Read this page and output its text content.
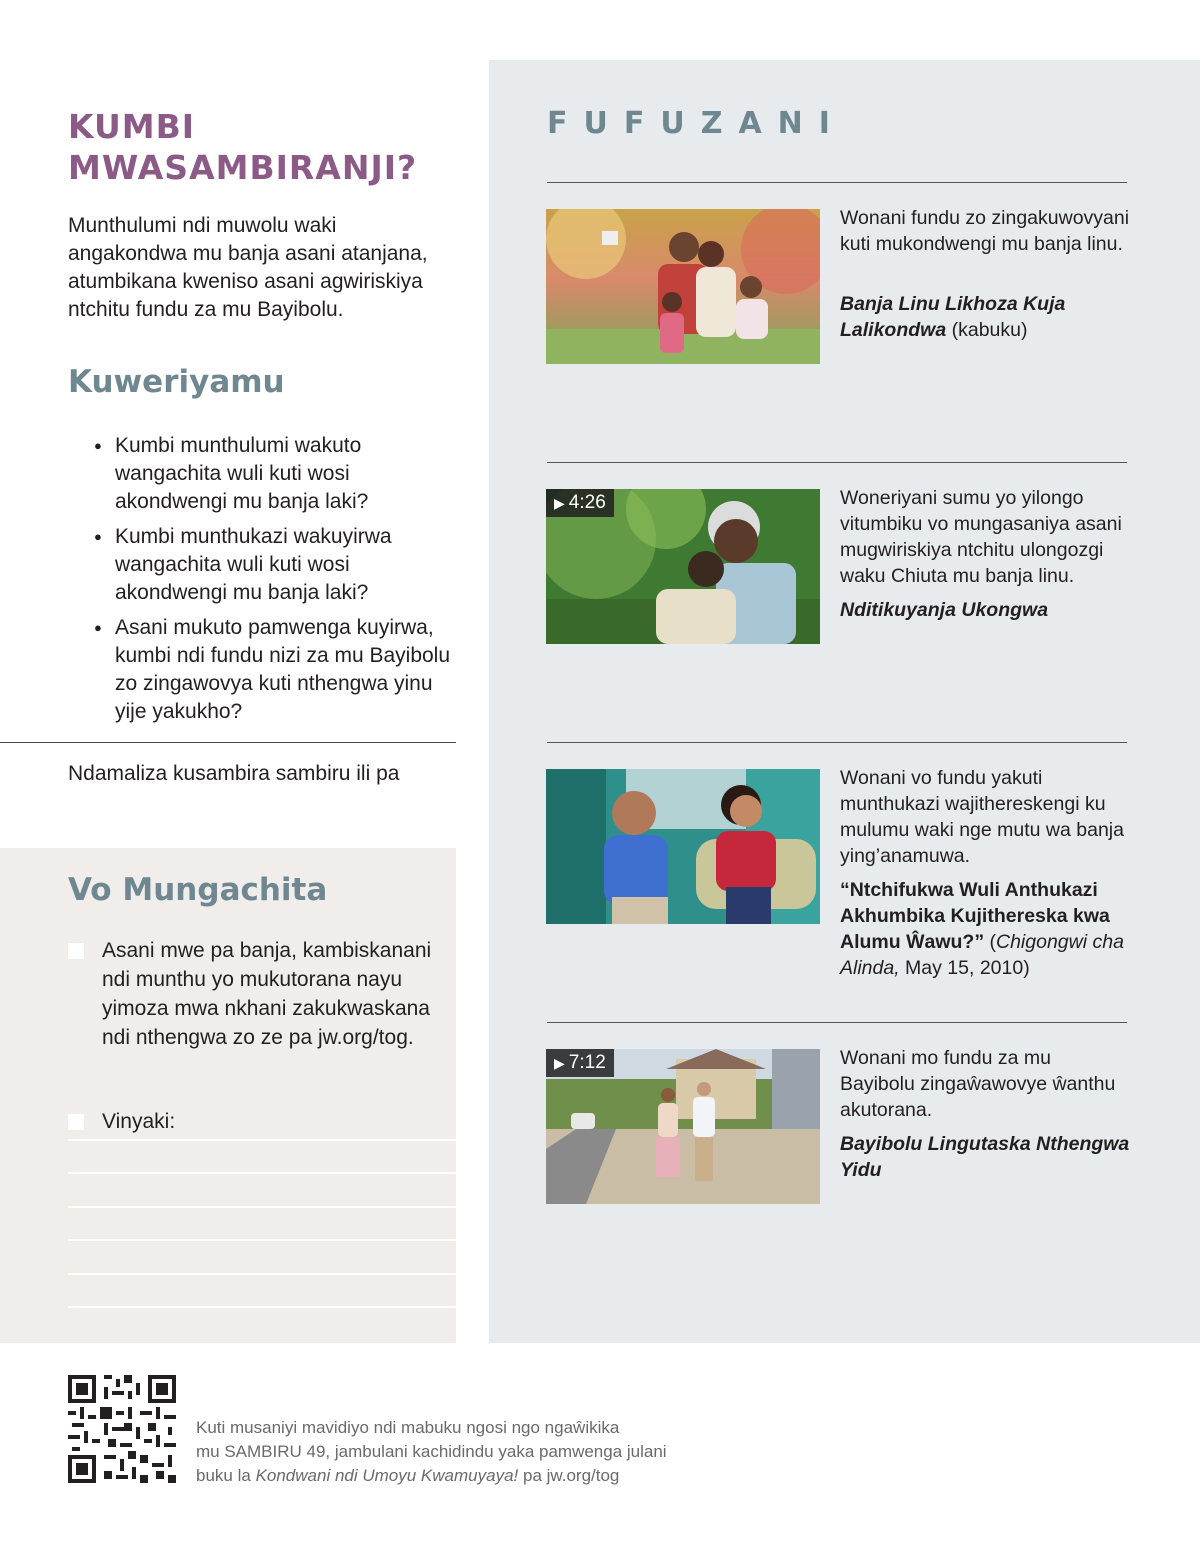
KUMBI MWASAMBIRANJI?

Munthulumi ndi muwolu waki angakondwa mu banja asani atanjana, atumbikana kweniso asani agwiriskiya ntchitu fundu za mu Bayibolu.

Kuweriyamu
● Kumbi munthulumi wakuto wangachita wuli kuti wosi akondwengi mu banja laki?
● Kumbi munthukazi wakuyirwa wangachita wuli kuti wosi akondwengi mu banja laki?
● Asani mukuto pamwenga kuyirwa, kumbi ndi fundu nizi za mu Bayibolu zo zingawovya kuti nthengwa yinu yije yakukho?

Ndamaliza kusambira sambiru ili pa

Vo Mungachita

Asani mwe pa banja, kambiskanani ndi munthu yo mukutorana nayu yimoza mwa nkhani zakukwaskana ndi nthengwa zo ze pa jw.org/tog.

Vinyaki:

FUFUZANI

Wonani fundu zo zingakuwovyani kuti mukondwengi mu banja linu.

Banja Linu Likhoza Kuja Lalikondwa (kabuku)

▶ 4:26	Woneriyani sumu yo yilongo vitumbiku vo mungasaniya asani mugwiriskiya ntchitu ulongozgi waku Chiuta mu banja linu.

Nditikuyanja Ukongwa

Wonani vo fundu yakuti munthukazi wajithereskengi ku mulumu waki nge mutu wa banja ying’anamuwa.

“Ntchifukwa Wuli Anthukazi Akhumbika Kujithereska kwa Alumu Ŵawu?” (Chigongwi cha Alinda, May 15, 2010)

▶ 7:12	Wonani mo fundu za mu Bayibolu zingaŵawovye ŵanthu akutorana.

Bayibolu Lingutaska Nthengwa Yidu

Kuti musaniyi mavidiyo ndi mabuku ngosi ngo ngaŵikika
mu SAMBIRU 49, jambulani kachidindu yaka pamwenga julani
buku la Kondwani ndi Umoyu Kwamuyaya! pa jw.org/tog
